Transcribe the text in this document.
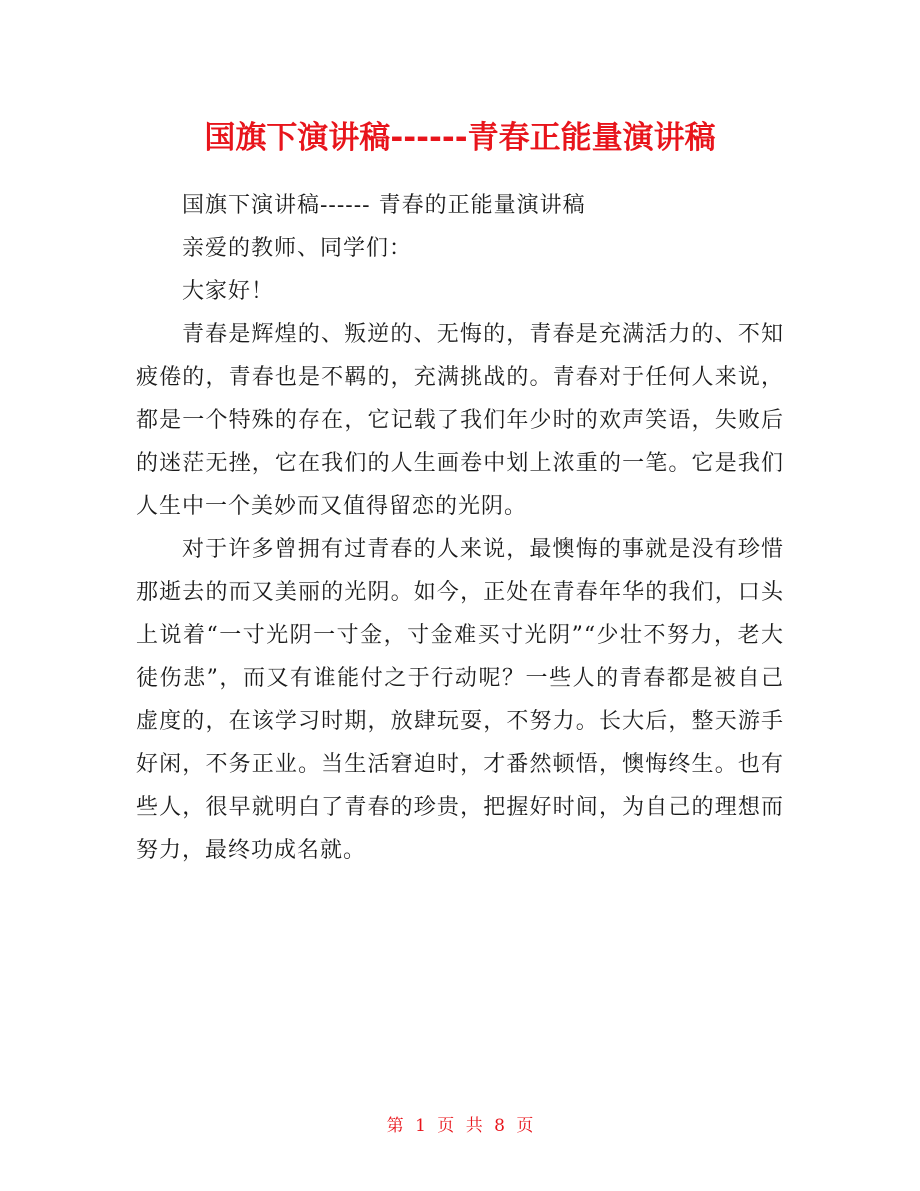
国旗下演讲稿------青春正能量演讲稿

国旗下演讲稿------ 青春的正能量演讲稿

亲爱的教师、同学们：

大家好！

青春是辉煌的、叛逆的、无悔的，青春是充满活力的、不知疲倦的，青春也是不羁的，充满挑战的。青春对于任何人来说，都是一个特殊的存在，它记载了我们年少时的欢声笑语，失败后的迷茫无挫，它在我们的人生画卷中划上浓重的一笔。它是我们人生中一个美妙而又值得留恋的光阴。

对于许多曾拥有过青春的人来说，最懊悔的事就是没有珍惜那逝去的而又美丽的光阴。如今，正处在青春年华的我们，口头上说着“一寸光阴一寸金，寸金难买寸光阴”“少壮不努力，老大徒伤悲”，而又有谁能付之于行动呢？一些人的青春都是被自己虚度的，在该学习时期，放肆玩耍，不努力。长大后，整天游手好闲，不务正业。当生活窘迫时，才番然顿悟，懊悔终生。也有些人，很早就明白了青春的珍贵，把握好时间，为自己的理想而努力，最终功成名就。

第 1 页 共 8 页
